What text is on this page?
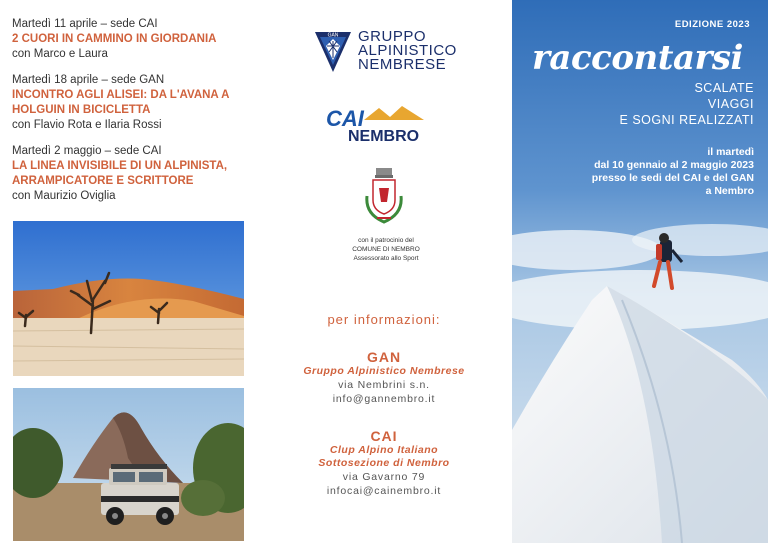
Martedì 11 aprile – sede CAI
2 CUORI IN CAMMINO IN GIORDANIA
con Marco e Laura
Martedì 18 aprile – sede GAN
INCONTRO AGLI ALISEI: DA L'AVANA A
HOLGUIN IN BICICLETTA
con Flavio Rota e Ilaria Rossi
Martedì 2 maggio – sede CAI
LA LINEA INVISIBILE DI UN ALPINISTA,
ARRAMPICATORE E SCRITTORE
con Maurizio Oviglia
GAN GRUPPO
ALPINISTICO
NEMBRESE
CAI
NEMBRO
con il patrocinio del
COMUNE DI NEMBRO
Assessorato allo Sport
per informazioni:
GAN
Gruppo Alpinistico Nembrese
via Nembrini s.n.
info@gannembro.it
CAI
Clup Alpino Italiano
Sottosezione di Nembro
via Gavarno 79
infocai@cainembro.it
EDIZIONE 2023
raccontarsi
SCALATE
VIAGGI
E SOGNI REALIZZATI
il martedì
dal 10 gennaio al 2 maggio 2023
presso le sedi del CAI e del GAN
a Nembro
